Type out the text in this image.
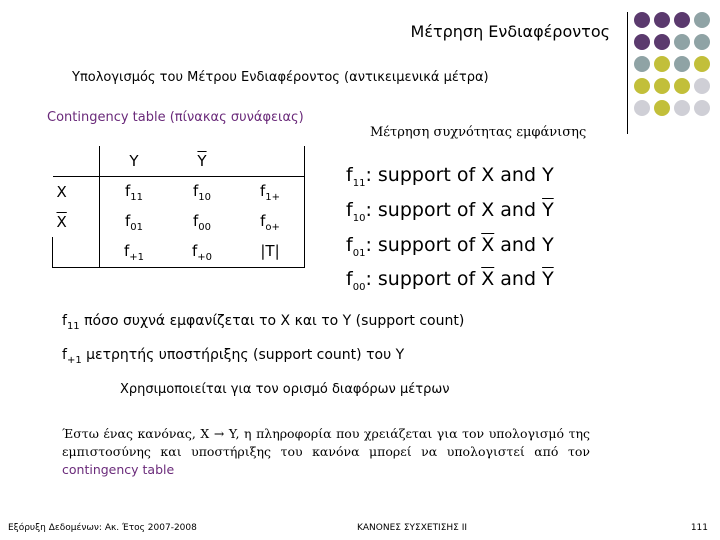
Μέτρηση Ενδιαφέροντος
Υπολογισμός του Μέτρου Ενδιαφέροντος (αντικειμενικά μέτρα)
Contingency table (πίνακας συνάφειας)
Μέτρηση συχνότητας εμφάνισης
	Y	$\overline{Y}$	
X	$f_{11}$	$f_{10}$	$f_{1+}$
$\overline{X}$	$f_{01}$	$f_{00}$	$f_{o+}$
	$f_{+1}$	$f_{+0}$	|T|
$f_{11}$: support of X and Y
$f_{10}$: support of X and $\overline{Y}$
$f_{01}$: support of $\overline{X}$ and Y
$f_{00}$: support of $\overline{X}$ and $\overline{Y}$
$f_{11}$ πόσο συχνά εμφανίζεται το X και το Y (support count)
$f_{+1}$ μετρητής υποστήριξης (support count) του Y
Χρησιμοποιείται για τον ορισμό διαφόρων μέτρων
Έστω ένας κανόνας, X → Y, η πληροφορία που χρειάζεται για τον υπολογισμό της εμπιστοσύνης και υποστήριξης του κανόνα μπορεί να υπολογιστεί από τον contingency table
Εξόρυξη Δεδομένων: Ακ. Έτος 2007-2008	ΚΑΝΟΝΕΣ ΣΥΣΧΕΤΙΣΗΣ ΙΙ	111
